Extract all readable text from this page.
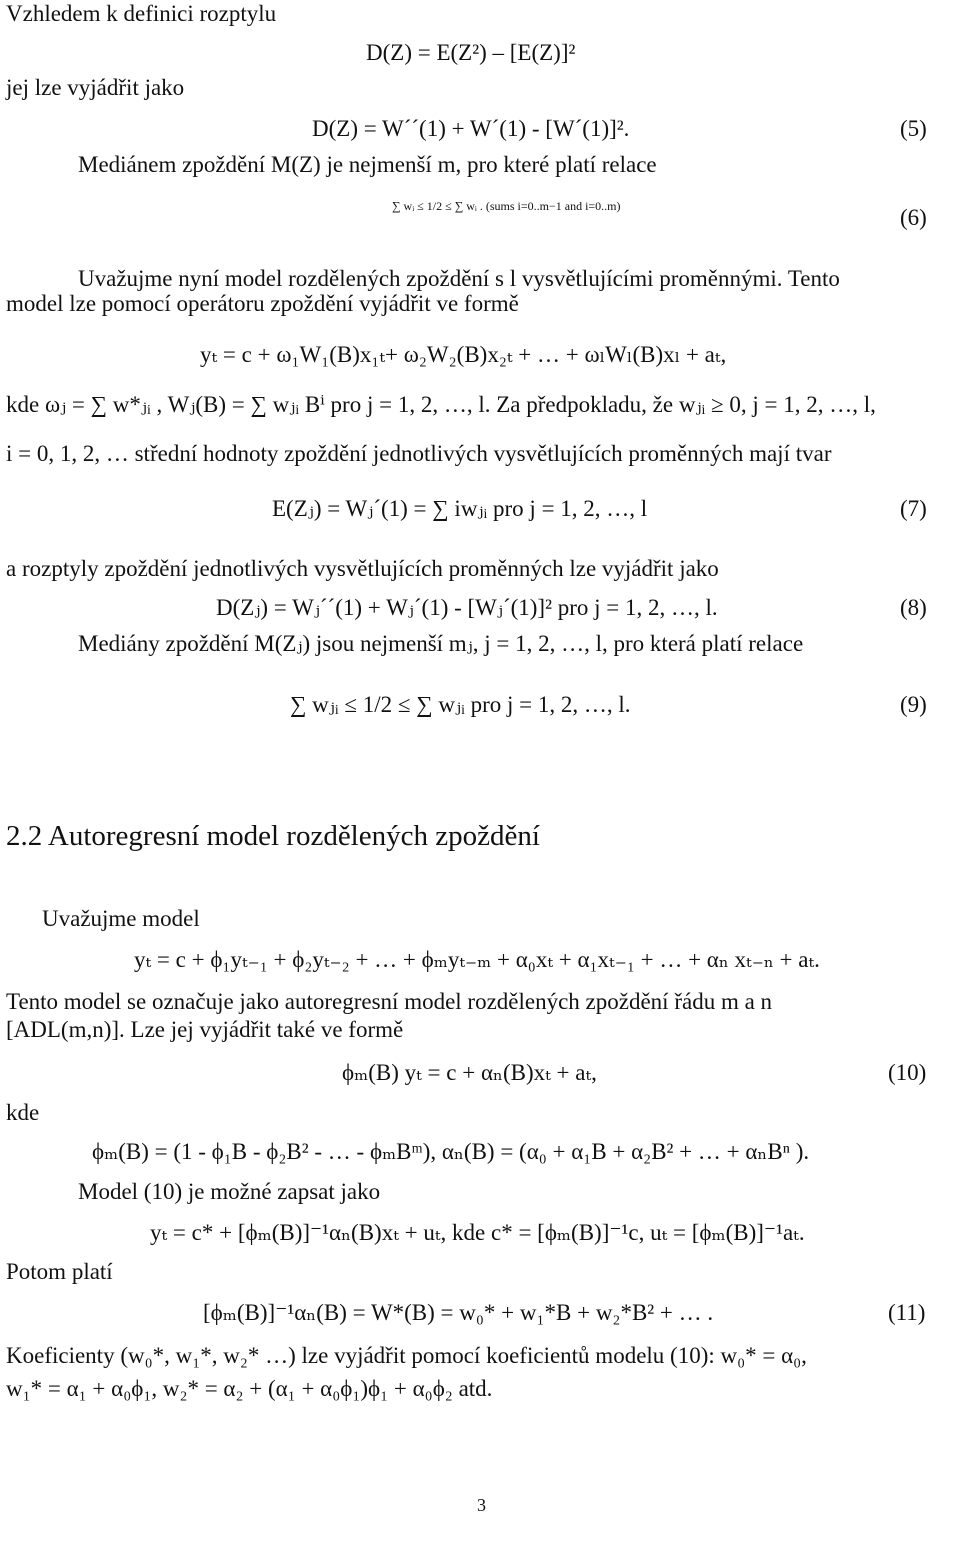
Vzhledem k definici rozptylu
D(Z) = E(Z²) – [E(Z)]²
jej lze vyjádřit jako
D(Z) = W´´(1) + W´(1) - [W´(1)]².	(5)
Mediánem zpoždění M(Z) je nejmenší m, pro které platí relace
∑ wᵢ ≤ 1/2 ≤ ∑ wᵢ . (sums i=0..m−1 and i=0..m)	(6)
Uvažujme nyní model rozdělených zpoždění s l vysvětlujícími proměnnými. Tento
model lze pomocí operátoru zpoždění vyjádřit ve formě
yₜ = c + ω₁W₁(B)x₁ₜ+ ω₂W₂(B)x₂ₜ + … + ωₗWₗ(B)xₗ + aₜ,
kde ωⱼ = ∑ w*ⱼᵢ , Wⱼ(B) = ∑ wⱼᵢ Bⁱ pro j = 1, 2, …, l. Za předpokladu, že wⱼᵢ ≥ 0, j = 1, 2, …, l,
i = 0, 1, 2, … střední hodnoty zpoždění jednotlivých vysvětlujících proměnných mají tvar
E(Zⱼ) = Wⱼ´(1) = ∑ iwⱼᵢ pro j = 1, 2, …, l	(7)
a rozptyly zpoždění jednotlivých vysvětlujících proměnných lze vyjádřit jako
D(Zⱼ) = Wⱼ´´(1) + Wⱼ´(1) - [Wⱼ´(1)]² pro j = 1, 2, …, l.	(8)
Mediány zpoždění M(Zⱼ) jsou nejmenší mⱼ, j = 1, 2, …, l, pro která platí relace
∑ wⱼᵢ ≤ 1/2 ≤ ∑ wⱼᵢ pro j = 1, 2, …, l.	(9)
2.2 Autoregresní model rozdělených zpoždění
Uvažujme model
yₜ = c + ϕ₁yₜ₋₁ + ϕ₂yₜ₋₂ + … + ϕₘyₜ₋ₘ + α₀xₜ + α₁xₜ₋₁ + … + αₙ xₜ₋ₙ + aₜ.
Tento model se označuje jako autoregresní model rozdělených zpoždění řádu m a n
[ADL(m,n)]. Lze jej vyjádřit také ve formě
ϕₘ(B) yₜ = c + αₙ(B)xₜ + aₜ,	(10)
kde
ϕₘ(B) = (1 - ϕ₁B - ϕ₂B² - … - ϕₘBᵐ), αₙ(B) = (α₀ + α₁B + α₂B² + … + αₙBⁿ ).
Model (10) je možné zapsat jako
yₜ = c* + [ϕₘ(B)]⁻¹αₙ(B)xₜ + uₜ, kde c* = [ϕₘ(B)]⁻¹c, uₜ = [ϕₘ(B)]⁻¹aₜ.
Potom platí
[ϕₘ(B)]⁻¹αₙ(B) = W*(B) = w₀* + w₁*B + w₂*B² + … .	(11)
Koeficienty (w₀*, w₁*, w₂* …) lze vyjádřit pomocí koeficientů modelu (10): w₀* = α₀,
w₁* = α₁ + α₀ϕ₁, w₂* = α₂ + (α₁ + α₀ϕ₁)ϕ₁ + α₀ϕ₂ atd.
3
